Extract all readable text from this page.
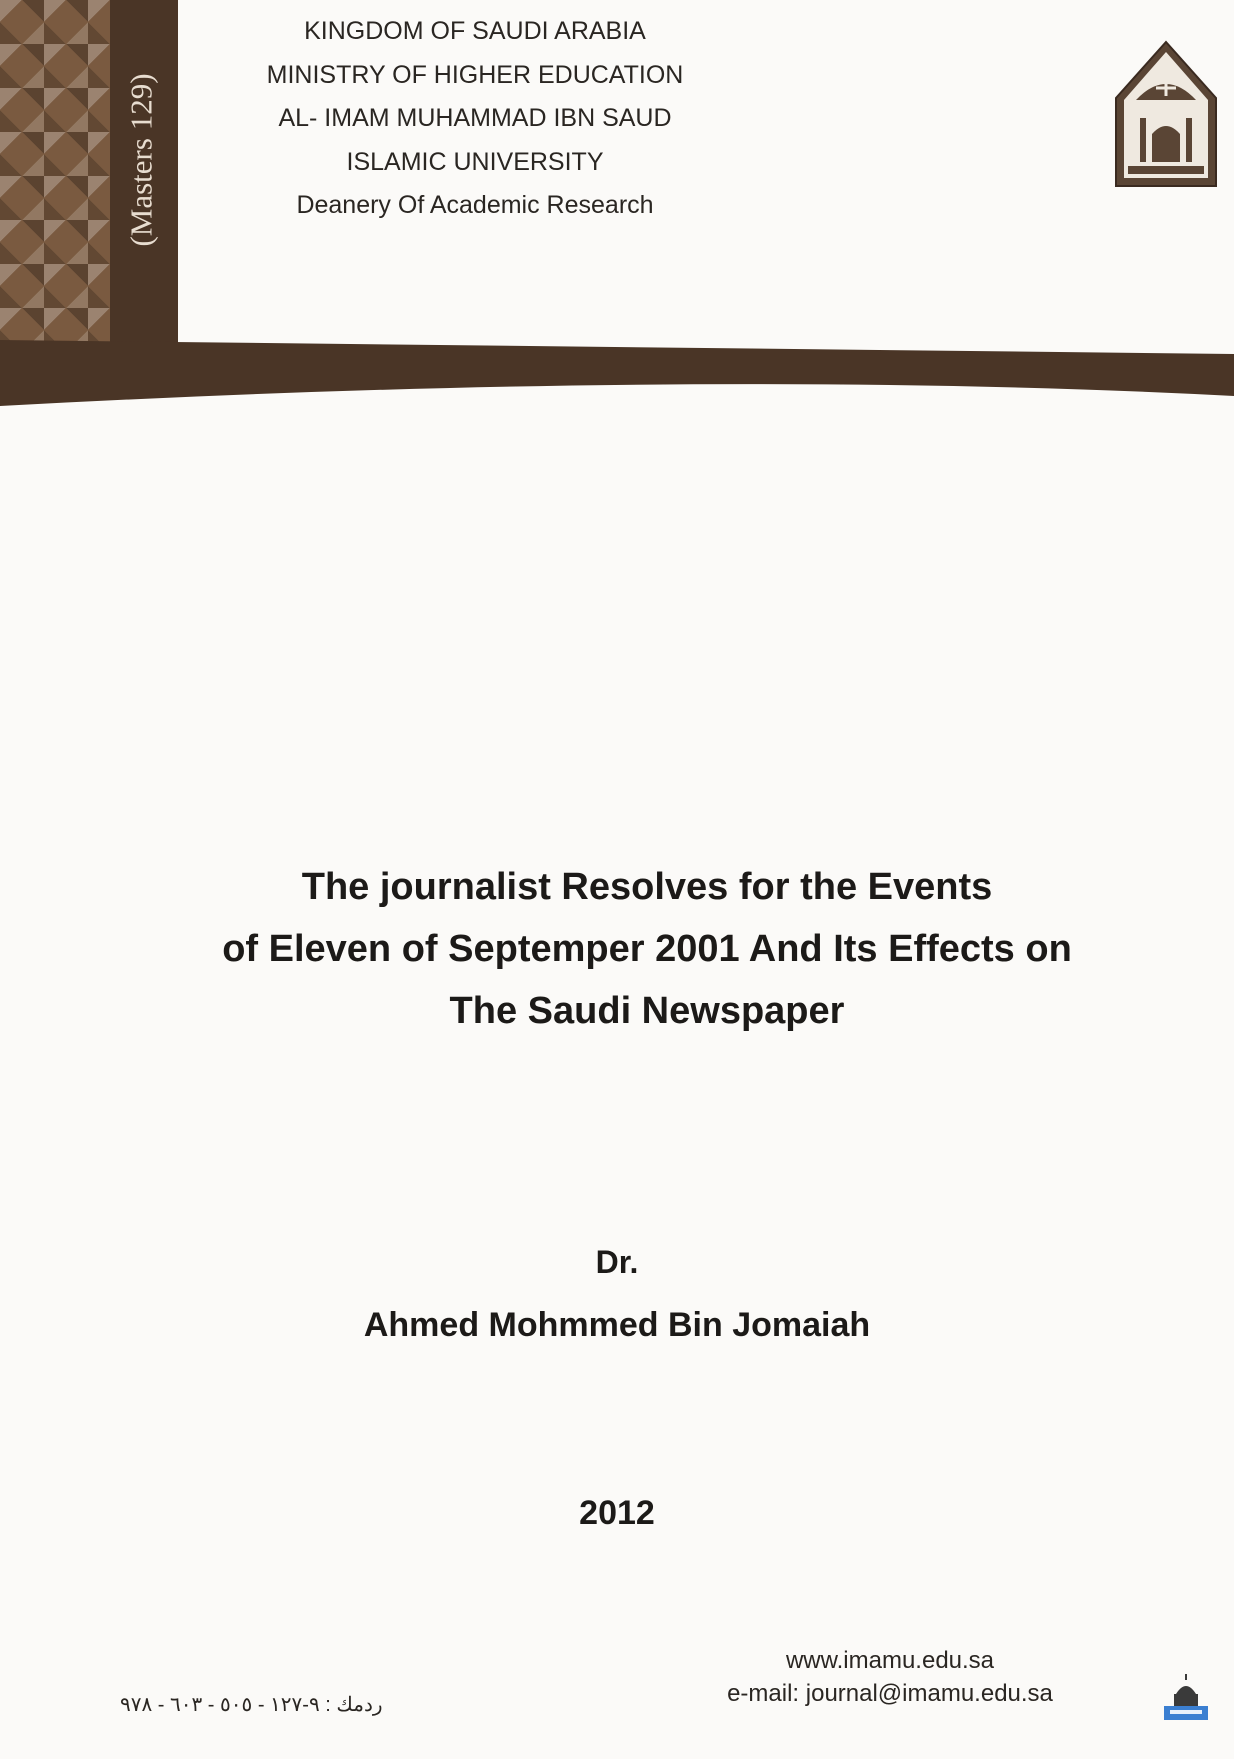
(Masters 129)
KINGDOM OF SAUDI ARABIA
MINISTRY OF HIGHER EDUCATION
AL- IMAM MUHAMMAD IBN SAUD
ISLAMIC UNIVERSITY
Deanery Of Academic Research
The journalist Resolves for the Events
of Eleven of Septemper 2001 And Its Effects on
The Saudi Newspaper
Dr.
Ahmed Mohmmed Bin Jomaiah
2012
ردمك : ٩-١٢٧ - ٥٠٥ - ٦٠٣ - ٩٧٨
www.imamu.edu.sa
e-mail: journal@imamu.edu.sa
